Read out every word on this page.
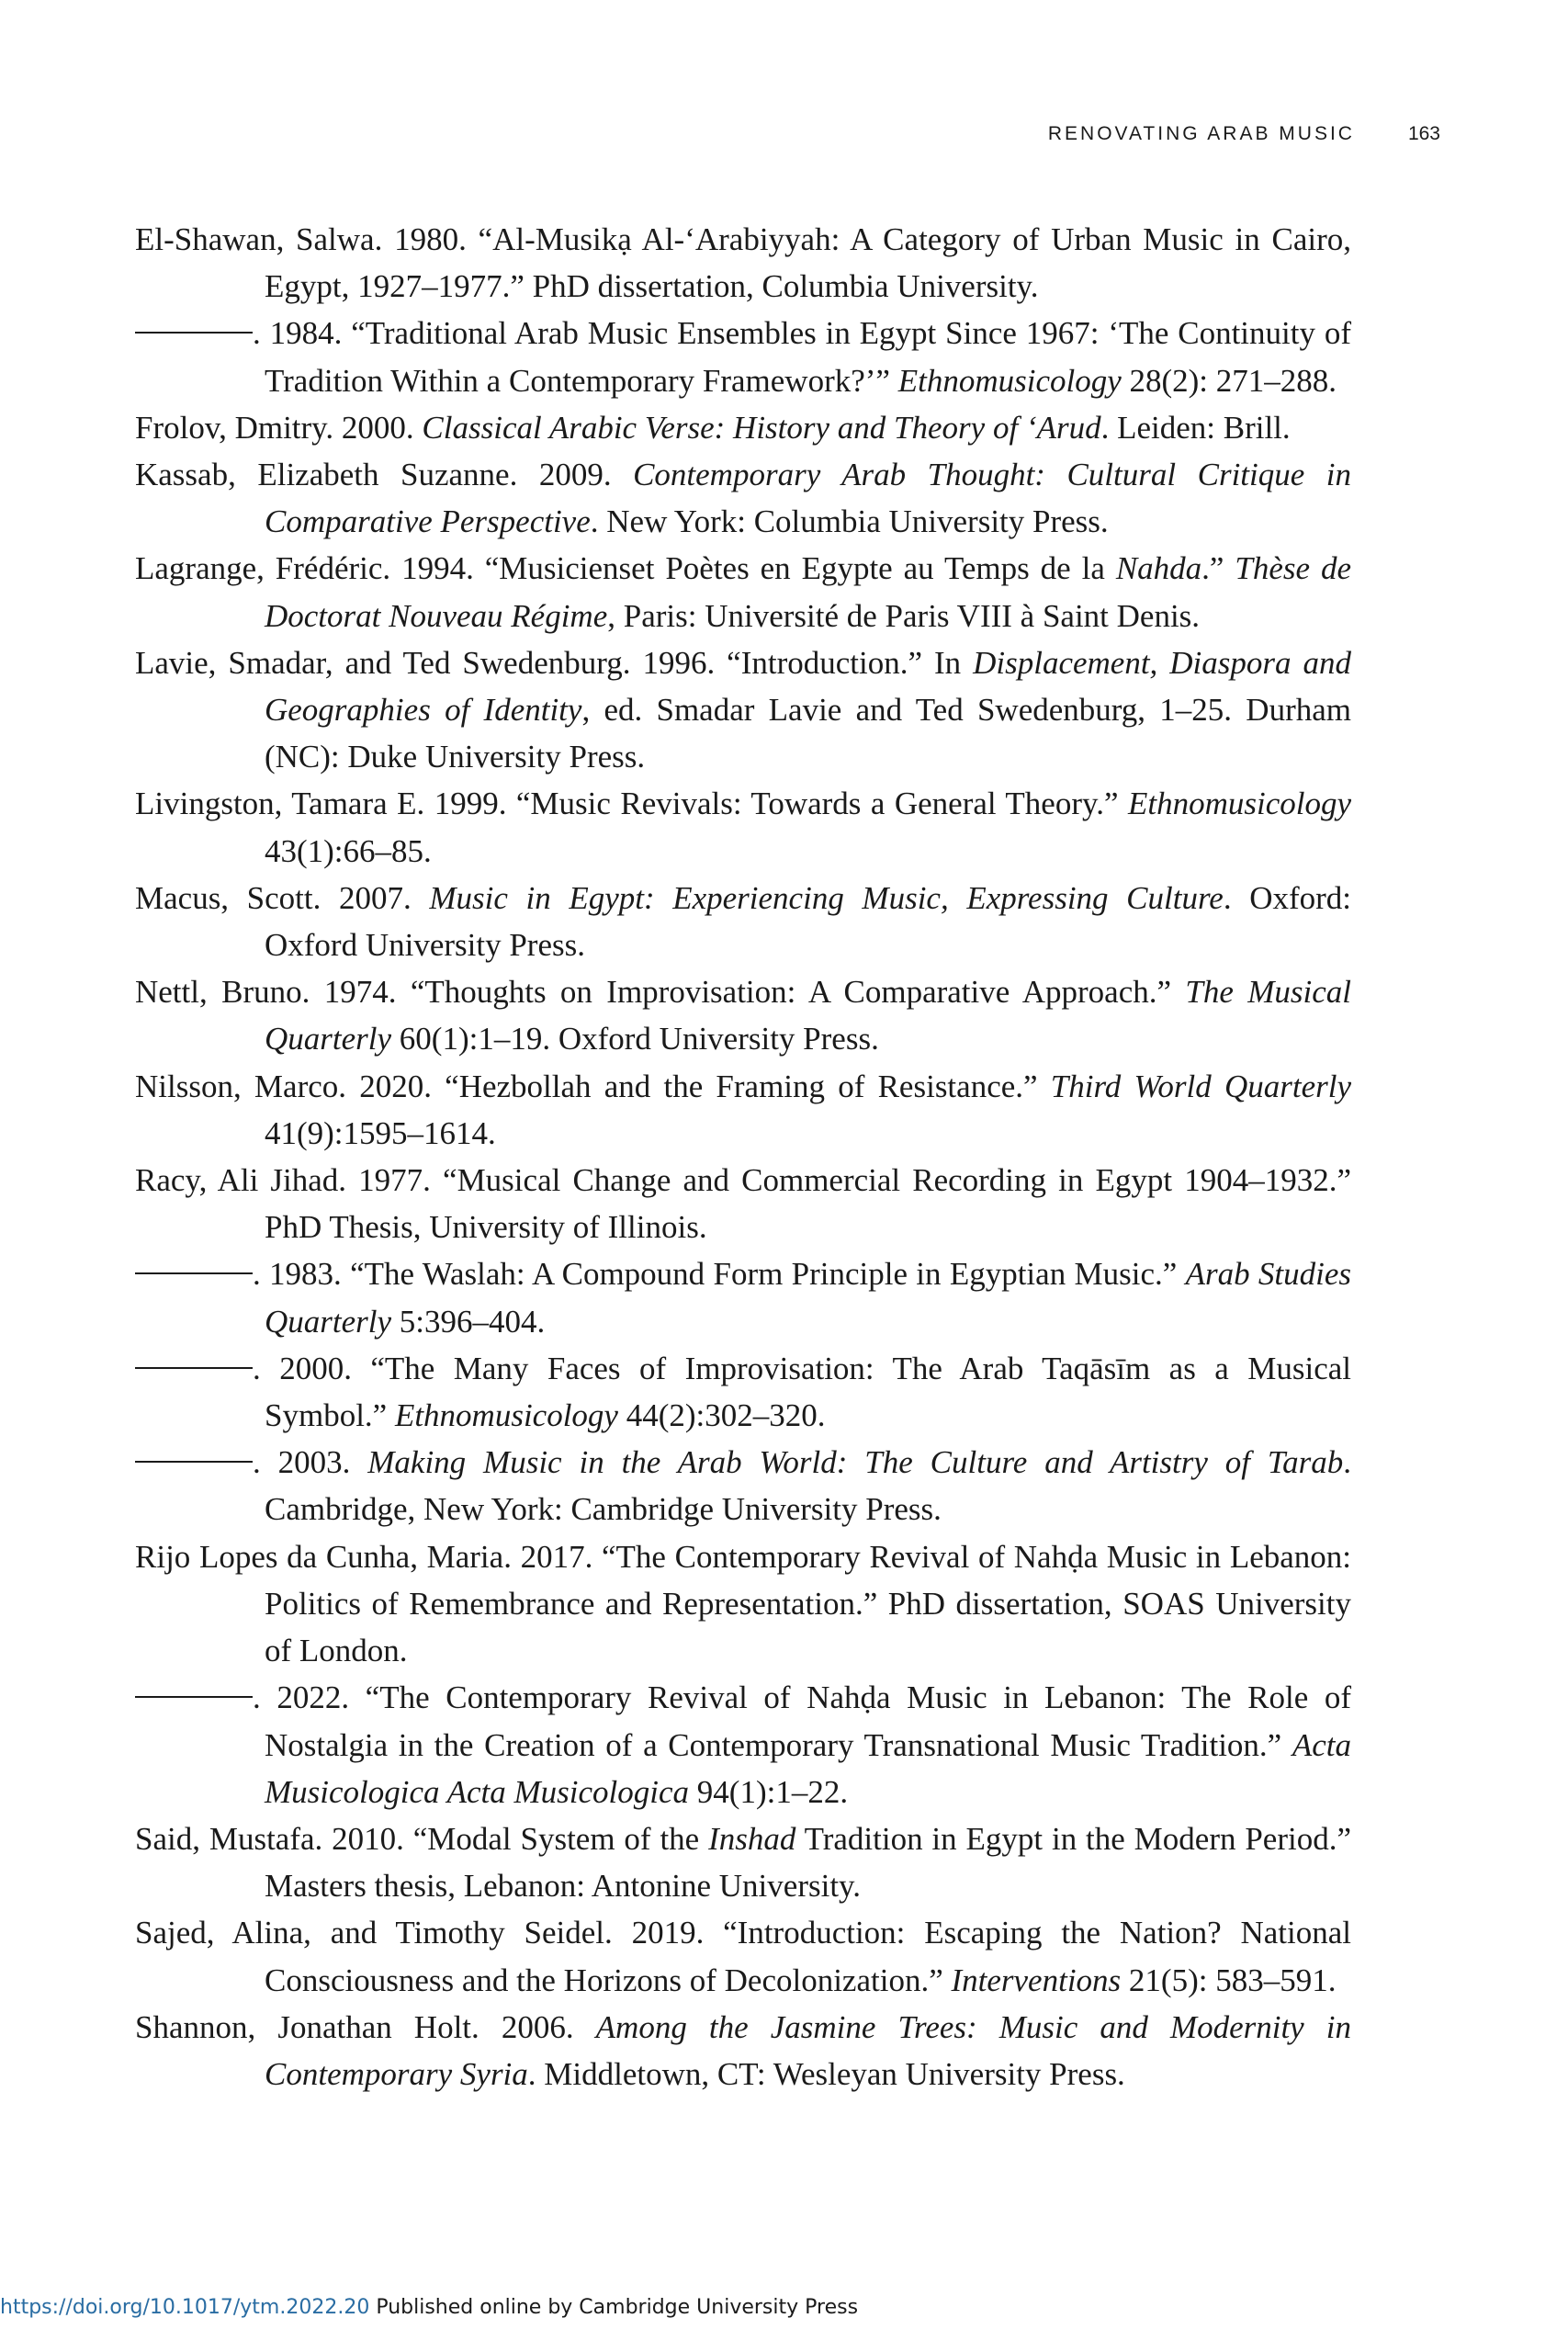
RENOVATING ARAB MUSIC	163

El-Shawan, Salwa. 1980. “Al-Musikạ Al-‘Arabiyyah: A Category of Urban Music in Cairo, Egypt, 1927–1977.” PhD dissertation, Columbia University.

. 1984. “Traditional Arab Music Ensembles in Egypt Since 1967: ‘The Continuity of Tradition Within a Contemporary Framework?’” Ethnomusicology 28(2): 271–288.

Frolov, Dmitry. 2000. Classical Arabic Verse: History and Theory of ‘Arud. Leiden: Brill.

Kassab, Elizabeth Suzanne. 2009. Contemporary Arab Thought: Cultural Critique in Comparative Perspective. New York: Columbia University Press.

Lagrange, Frédéric. 1994. “Musicienset Poètes en Egypte au Temps de la Nahda.” Thèse de Doctorat Nouveau Régime, Paris: Université de Paris VIII à Saint Denis.

Lavie, Smadar, and Ted Swedenburg. 1996. “Introduction.” In Displacement, Diaspora and Geographies of Identity, ed. Smadar Lavie and Ted Swedenburg, 1–25. Durham (NC): Duke University Press.

Livingston, Tamara E. 1999. “Music Revivals: Towards a General Theory.” Ethnomusicology 43(1):66–85.

Macus, Scott. 2007. Music in Egypt: Experiencing Music, Expressing Culture. Oxford: Oxford University Press.

Nettl, Bruno. 1974. “Thoughts on Improvisation: A Comparative Approach.” The Musical Quarterly 60(1):1–19. Oxford University Press.

Nilsson, Marco. 2020. “Hezbollah and the Framing of Resistance.” Third World Quarterly 41(9):1595–1614.

Racy, Ali Jihad. 1977. “Musical Change and Commercial Recording in Egypt 1904–1932.” PhD Thesis, University of Illinois.

. 1983. “The Waslah: A Compound Form Principle in Egyptian Music.” Arab Studies Quarterly 5:396–404.

. 2000. “The Many Faces of Improvisation: The Arab Taqāsīm as a Musical Symbol.” Ethnomusicology 44(2):302–320.

. 2003. Making Music in the Arab World: The Culture and Artistry of Tarab. Cambridge, New York: Cambridge University Press.

Rijo Lopes da Cunha, Maria. 2017. “The Contemporary Revival of Nahḍa Music in Lebanon: Politics of Remembrance and Representation.” PhD dissertation, SOAS University of London.

. 2022. “The Contemporary Revival of Nahḍa Music in Lebanon: The Role of Nostalgia in the Creation of a Contemporary Transnational Music Tradition.” Acta Musicologica Acta Musicologica 94(1):1–22.

Said, Mustafa. 2010. “Modal System of the Inshad Tradition in Egypt in the Modern Period.” Masters thesis, Lebanon: Antonine University.

Sajed, Alina, and Timothy Seidel. 2019. “Introduction: Escaping the Nation? National Consciousness and the Horizons of Decolonization.” Interventions 21(5): 583–591.

Shannon, Jonathan Holt. 2006. Among the Jasmine Trees: Music and Modernity in Contemporary Syria. Middletown, CT: Wesleyan University Press.

https://doi.org/10.1017/ytm.2022.20 Published online by Cambridge University Press
